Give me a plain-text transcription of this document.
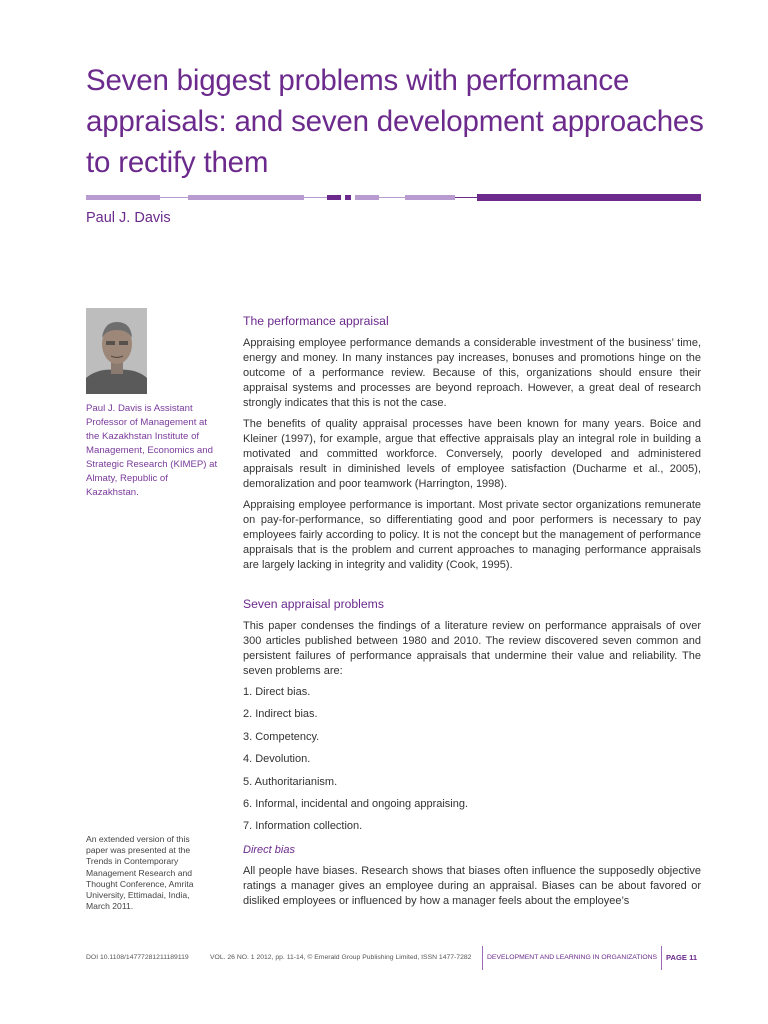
Seven biggest problems with performance appraisals: and seven development approaches to rectify them
Paul J. Davis

Paul J. Davis is Assistant Professor of Management at the Kazakhstan Institute of Management, Economics and Strategic Research (KIMEP) at Almaty, Republic of Kazakhstan.

An extended version of this paper was presented at the Trends in Contemporary Management Research and Thought Conference, Amrita University, Ettimadai, India, March 2011.

The performance appraisal

Appraising employee performance demands a considerable investment of the business’ time, energy and money. In many instances pay increases, bonuses and promotions hinge on the outcome of a performance review. Because of this, organizations should ensure their appraisal systems and processes are beyond reproach. However, a great deal of research strongly indicates that this is not the case.

The benefits of quality appraisal processes have been known for many years. Boice and Kleiner (1997), for example, argue that effective appraisals play an integral role in building a motivated and committed workforce. Conversely, poorly developed and administered appraisals result in diminished levels of employee satisfaction (Ducharme et al., 2005), demoralization and poor teamwork (Harrington, 1998).

Appraising employee performance is important. Most private sector organizations remunerate on pay-for-performance, so differentiating good and poor performers is necessary to pay employees fairly according to policy. It is not the concept but the management of performance appraisals that is the problem and current approaches to managing performance appraisals are largely lacking in integrity and validity (Cook, 1995).

Seven appraisal problems

This paper condenses the findings of a literature review on performance appraisals of over 300 articles published between 1980 and 2010. The review discovered seven common and persistent failures of performance appraisals that undermine their value and reliability. The seven problems are:

1. Direct bias.
2. Indirect bias.
3. Competency.
4. Devolution.
5. Authoritarianism.
6. Informal, incidental and ongoing appraising.
7. Information collection.
Direct bias

All people have biases. Research shows that biases often influence the supposedly objective ratings a manager gives an employee during an appraisal. Biases can be about favored or disliked employees or influenced by how a manager feels about the employee’s

DOI 10.1108/14777281211189119	VOL. 26 NO. 1 2012, pp. 11-14, © Emerald Group Publishing Limited, ISSN 1477-7282 DEVELOPMENT AND LEARNING IN ORGANIZATIONS PAGE 11
